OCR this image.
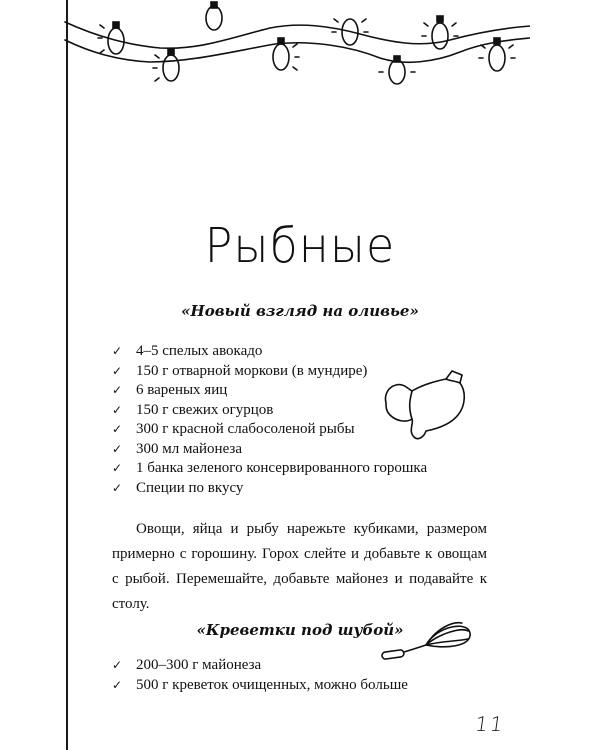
Рыбные
«Новый взгляд на оливье»
✓ 4–5 спелых авокадо
✓ 150 г отварной моркови (в мундире)
✓ 6 вареных яиц
✓ 150 г свежих огурцов
✓ 300 г красной слабосоленой рыбы
✓ 300 мл майонеза
✓ 1 банка зеленого консервированного горошка
✓ Специи по вкусу

Овощи, яйца и рыбу нарежьте кубиками, размером примерно с горошину. Горох слейте и добавьте к овощам с рыбой. Перемешайте, добавьте майонез и подавайте к столу.

«Креветки под шубой»
✓ 200–300 г майонеза
✓ 500 г креветок очищенных, можно больше
11
